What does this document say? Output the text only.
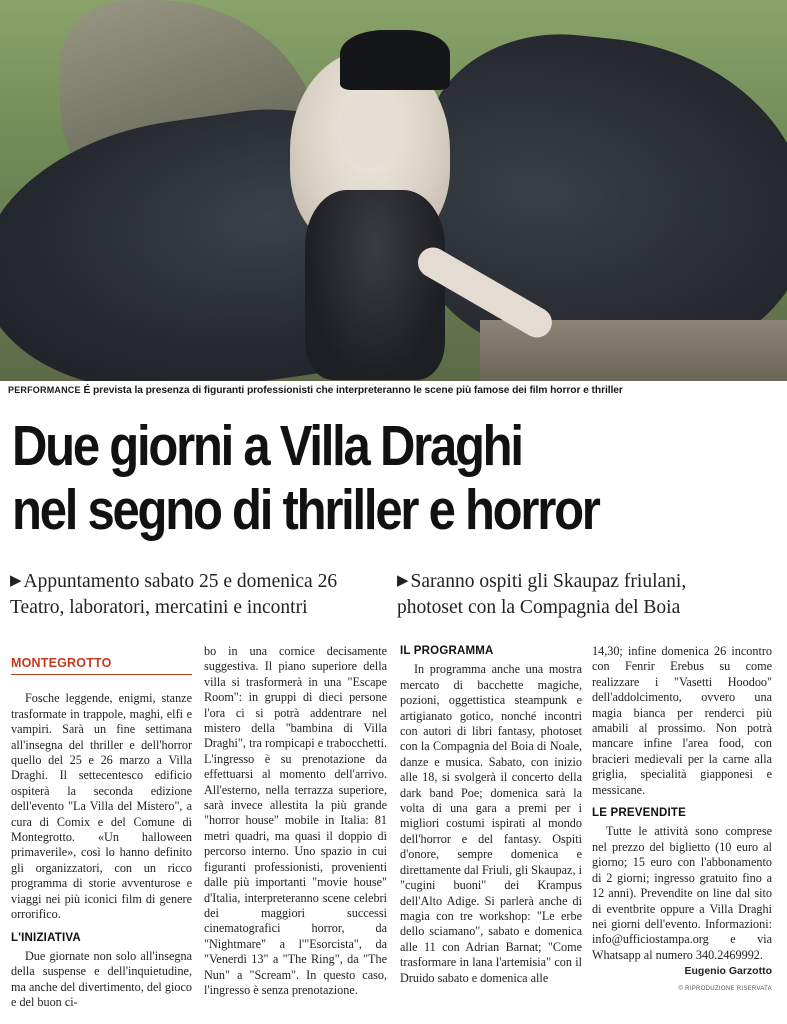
PERFORMANCE É prevista la presenza di figuranti professionisti che interpreteranno le scene più famose dei film horror e thriller
Due giorni a Villa Draghi
nel segno di thriller e horror
▶ Appuntamento sabato 25 e domenica 26
Teatro, laboratori, mercatini e incontri
▶ Saranno ospiti gli Skaupaz friulani,
photoset con la Compagnia del Boia
MONTEGROTTO

Fosche leggende, enigmi, stanze trasformate in trappole, maghi, elfi e vampiri. Sarà un fine settimana all'insegna del thriller e dell'horror quello del 25 e 26 marzo a Villa Draghi. Il settecentesco edificio ospiterà la seconda edizione dell'evento "La Villa del Mistero", a cura di Comix e del Comune di Montegrotto. «Un halloween primaverile», così lo hanno definito gli organizzatori, con un ricco programma di storie avventurose e viaggi nei più iconici film di genere orrorifico.

L'INIZIATIVA

Due giornate non solo all'insegna della suspense e dell'inquietudine, ma anche del divertimento, del gioco e del buon ci-

bo in una cornice decisamente suggestiva. Il piano superiore della villa si trasformerà in una "Escape Room": in gruppi di dieci persone l'ora ci si potrà addentrare nel mistero della "bambina di Villa Draghi", tra rompicapi e trabocchetti. L'ingresso è su prenotazione da effettuarsi al momento dell'arrivo. All'esterno, nella terrazza superiore, sarà invece allestita la più grande "horror house" mobile in Italia: 81 metri quadri, ma quasi il doppio di percorso interno. Uno spazio in cui figuranti professionisti, provenienti dalle più importanti "movie house" d'Italia, interpreteranno scene celebri dei maggiori successi cinematografici horror, da "Nightmare" a l'"Esorcista", da "Venerdì 13" a "The Ring", da "The Nun" a "Scream". In questo caso, l'ingresso è senza prenotazione.

IL PROGRAMMA

In programma anche una mostra mercato di bacchette magiche, pozioni, oggettistica steampunk e artigianato gotico, nonché incontri con autori di libri fantasy, photoset con la Compagnia del Boia di Noale, danze e musica. Sabato, con inizio alle 18, si svolgerà il concerto della dark band Poe; domenica sarà la volta di una gara a premi per i migliori costumi ispirati al mondo dell'horror e del fantasy. Ospiti d'onore, sempre domenica e direttamente dal Friuli, gli Skaupaz, i "cugini buoni" dei Krampus dell'Alto Adige. Si parlerà anche di magia con tre workshop: "Le erbe dello sciamano", sabato e domenica alle 11 con Adrian Barnat; "Come trasformare in lana l'artemisia" con il Druido sabato e domenica alle

14,30; infine domenica 26 incontro con Fenrir Erebus su come realizzare i "Vasetti Hoodoo" dell'addolcimento, ovvero una magia bianca per renderci più amabili al prossimo. Non potrà mancare infine l'area food, con bracieri medievali per la carne alla griglia, specialità giapponesi e messicane.

LE PREVENDITE

Tutte le attività sono comprese nel prezzo del biglietto (10 euro al giorno; 15 euro con l'abbonamento di 2 giorni; ingresso gratuito fino a 12 anni). Prevendite on line dal sito di eventbrite oppure a Villa Draghi nei giorni dell'evento. Informazioni: info@ufficiostampa.org e via Whatsapp al numero 340.2469992.

Eugenio Garzotto
© RIPRODUZIONE RISERVATA
